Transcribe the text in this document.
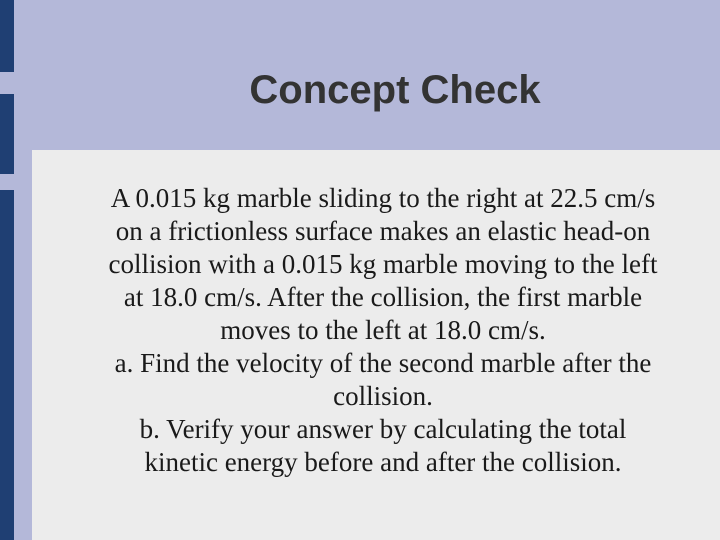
Concept Check
A 0.015 kg marble sliding to the right at 22.5 cm/s
on a frictionless surface makes an elastic head-on
collision with a 0.015 kg marble moving to the left
at 18.0 cm/s. After the collision, the first marble
moves to the left at 18.0 cm/s.
a. Find the velocity of the second marble after the
collision.
b. Verify your answer by calculating the total
kinetic energy before and after the collision.
